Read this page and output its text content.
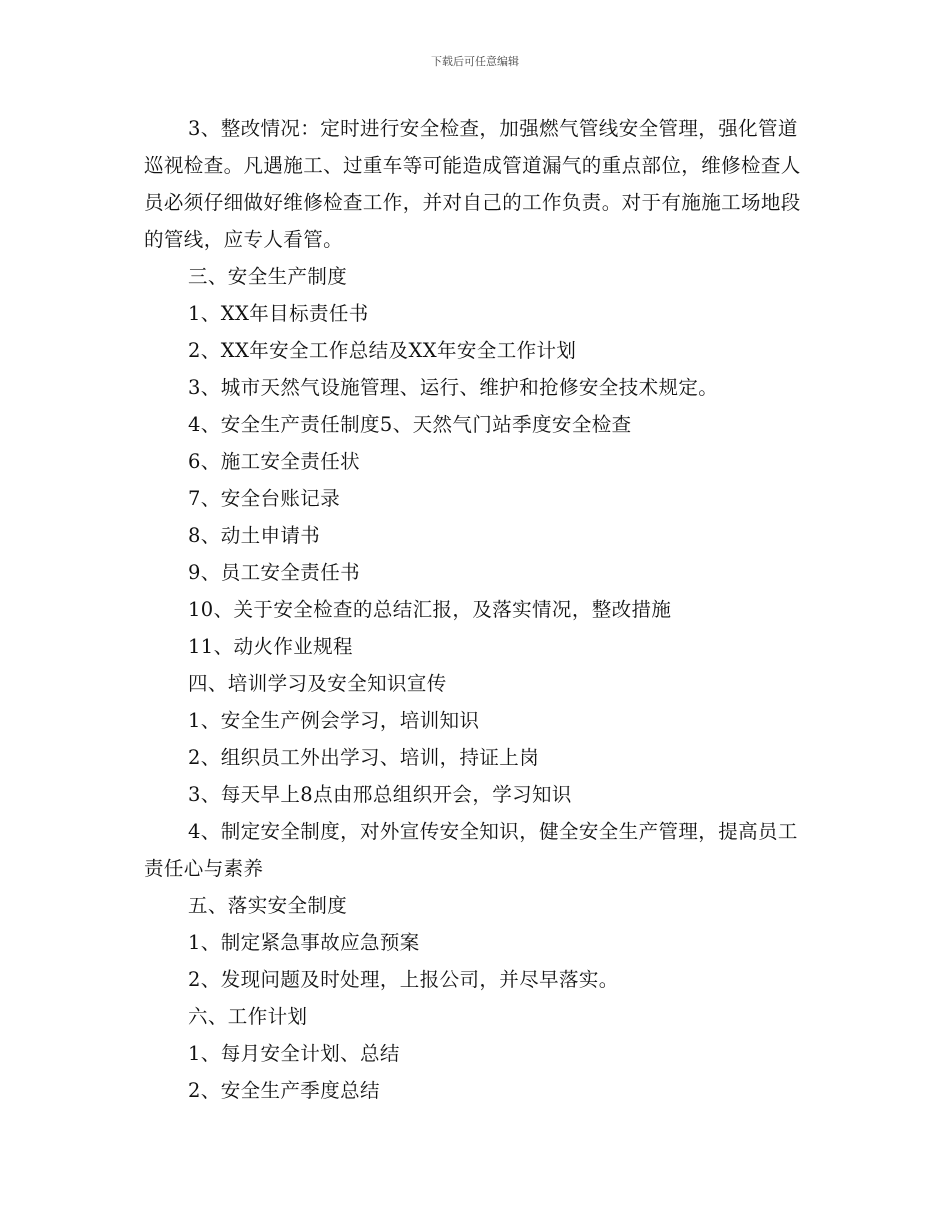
下载后可任意编辑

3、整改情况：定时进行安全检查，加强燃气管线安全管理，强化管道巡视检查。凡遇施工、过重车等可能造成管道漏气的重点部位，维修检查人员必须仔细做好维修检查工作，并对自己的工作负责。对于有施施工场地段的管线，应专人看管。

三、安全生产制度

1、XX年目标责任书

2、XX年安全工作总结及XX年安全工作计划

3、城市天然气设施管理、运行、维护和抢修安全技术规定。

4、安全生产责任制度5、天然气门站季度安全检查

6、施工安全责任状

7、安全台账记录

8、动土申请书

9、员工安全责任书

10、关于安全检查的总结汇报，及落实情况，整改措施

11、动火作业规程

四、培训学习及安全知识宣传

1、安全生产例会学习，培训知识

2、组织员工外出学习、培训，持证上岗

3、每天早上8点由邢总组织开会，学习知识

4、制定安全制度，对外宣传安全知识，健全安全生产管理，提高员工责任心与素养

五、落实安全制度

1、制定紧急事故应急预案

2、发现问题及时处理，上报公司，并尽早落实。

六、工作计划

1、每月安全计划、总结

2、安全生产季度总结
